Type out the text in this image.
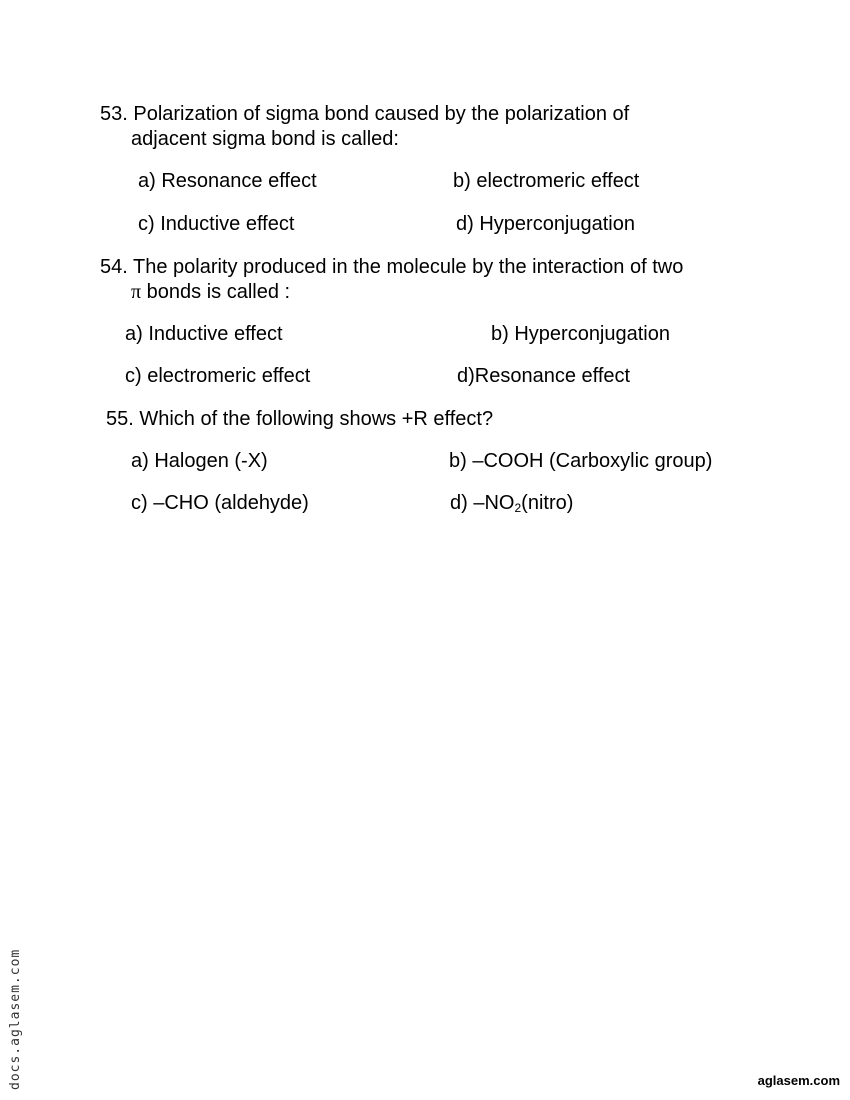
53. Polarization of sigma bond caused by the polarization of
adjacent sigma bond is called:
a) Resonance effect	b) electromeric effect
c) Inductive effect	d) Hyperconjugation
54. The polarity produced in the molecule by the interaction of two
π bonds is called :
a) Inductive effect	b) Hyperconjugation
c) electromeric effect	d)Resonance effect
55. Which of the following shows +R effect?
a) Halogen (-X)	b) –COOH (Carboxylic group)
c) –CHO (aldehyde)	d) $-NO_2(nitro)$
docs.aglasem.com	aglasem.com
